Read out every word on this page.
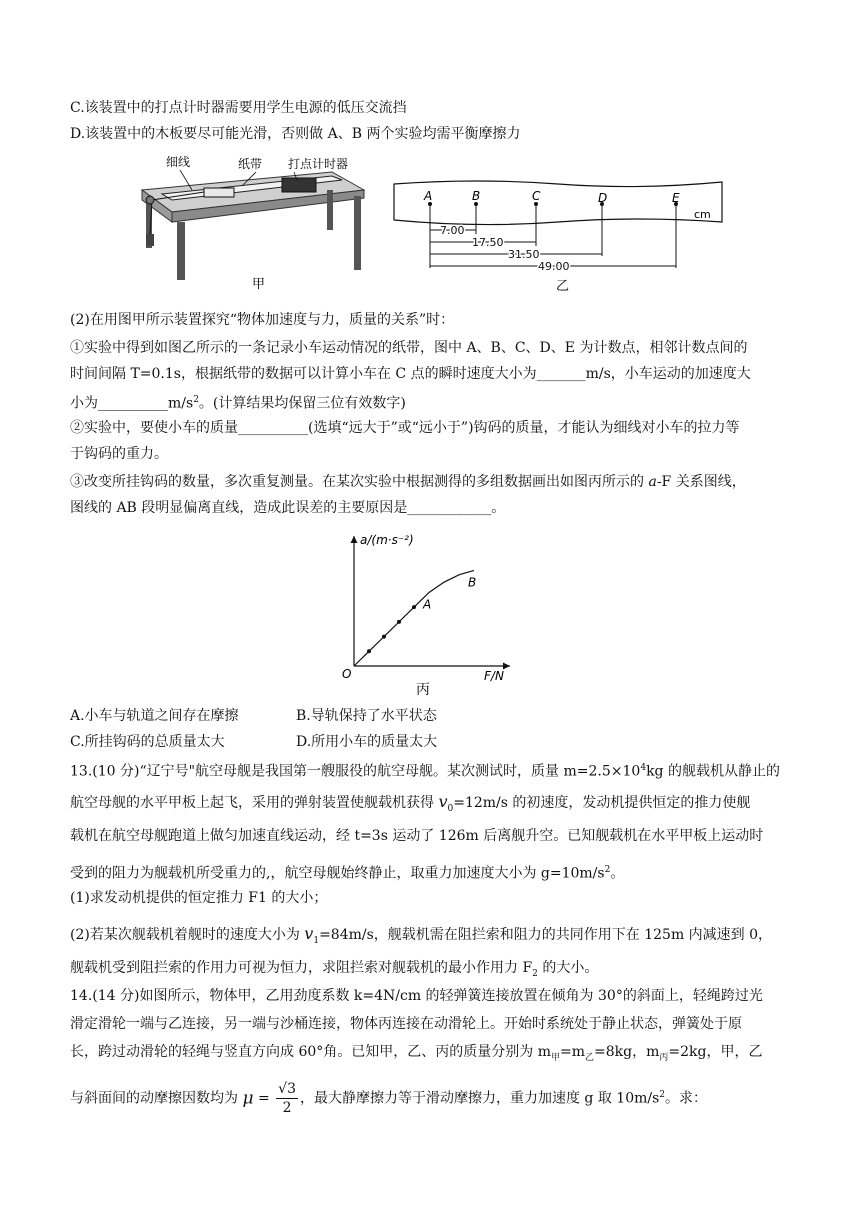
C.该装置中的打点计时器需要用学生电源的低压交流挡
D.该装置中的木板要尽可能光滑，否则做 A、B 两个实验均需平衡摩擦力
细线	纸带 打点计时器
甲
A	B	C	D	E
cm
7.00
17.50
31.50
49.00
乙
(2)在用图甲所示装置探究“物体加速度与力，质量的关系”时：
①实验中得到如图乙所示的一条记录小车运动情况的纸带，图中 A、B、C、D、E 为计数点，相邻计数点间的
时间间隔 T=0.1s，根据纸带的数据可以计算小车在 C 点的瞬时速度大小为_______m/s，小车运动的加速度大
小为$\_\_\_\_\_\_\_\_\_\_m/s^2$。(计算结果均保留三位有效数字)
②实验中，要使小车的质量__________(选填“远大于”或“远小于”)钩码的质量，才能认为细线对小车的拉力等
于钩码的重力。
③改变所挂钩码的数量，多次重复测量。在某次实验中根据测得的多组数据画出如图丙所示的 a-F 关系图线，
图线的 AB 段明显偏离直线，造成此误差的主要原因是____________。
a/(m·s⁻²)
F/N
O
丙
A
B
A.小车与轨道之间存在摩擦	B.导轨保持了水平状态
C.所挂钩码的总质量太大	D.所用小车的质量太大
13.(10 分)“辽宁号"航空母舰是我国第一艘服役的航空母舰。某次测试时，质量 $m=2.5\times 10^4kg$ 的舰载机从静止的
航空母舰的水平甲板上起飞，采用的弹射装置使舰载机获得 $v_0=12m/s$ 的初速度，发动机提供恒定的推力使舰
载机在航空母舰跑道上做匀加速直线运动，经 t=3s 运动了 126m 后离舰升空。已知舰载机在水平甲板上运动时
受到的阻力为舰载机所受重力的,，航空母舰始终静止，取重力加速度大小为 $g=10m/s^2$。
(1)求发动机提供的恒定推力 F1 的大小；
(2)若某次舰载机着舰时的速度大小为 $v_1=84m/s$，舰载机需在阻拦索和阻力的共同作用下在 125m 内减速到 0，
舰载机受到阻拦索的作用力可视为恒力，求阻拦索对舰载机的最小作用力 $F_2$ 的大小。
14.(14 分)如图所示，物体甲，乙用劲度系数 k=4N/cm 的轻弹簧连接放置在倾角为 30°的斜面上，轻绳跨过光
滑定滑轮一端与乙连接，另一端与沙桶连接，物体丙连接在动滑轮上。开始时系统处于静止状态，弹簧处于原
长，跨过动滑轮的轻绳与竖直方向成 60°角。已知甲，乙、丙的质量分别为 $m_甲=m_乙=8kg$，$m_丙=2kg$，甲，乙
与斜面间的动摩擦因数均为 $\mu = \frac{√3}{2}$ ，最大静摩擦力等于滑动摩擦力，重力加速度 g 取 $10m/s^2$。求：
